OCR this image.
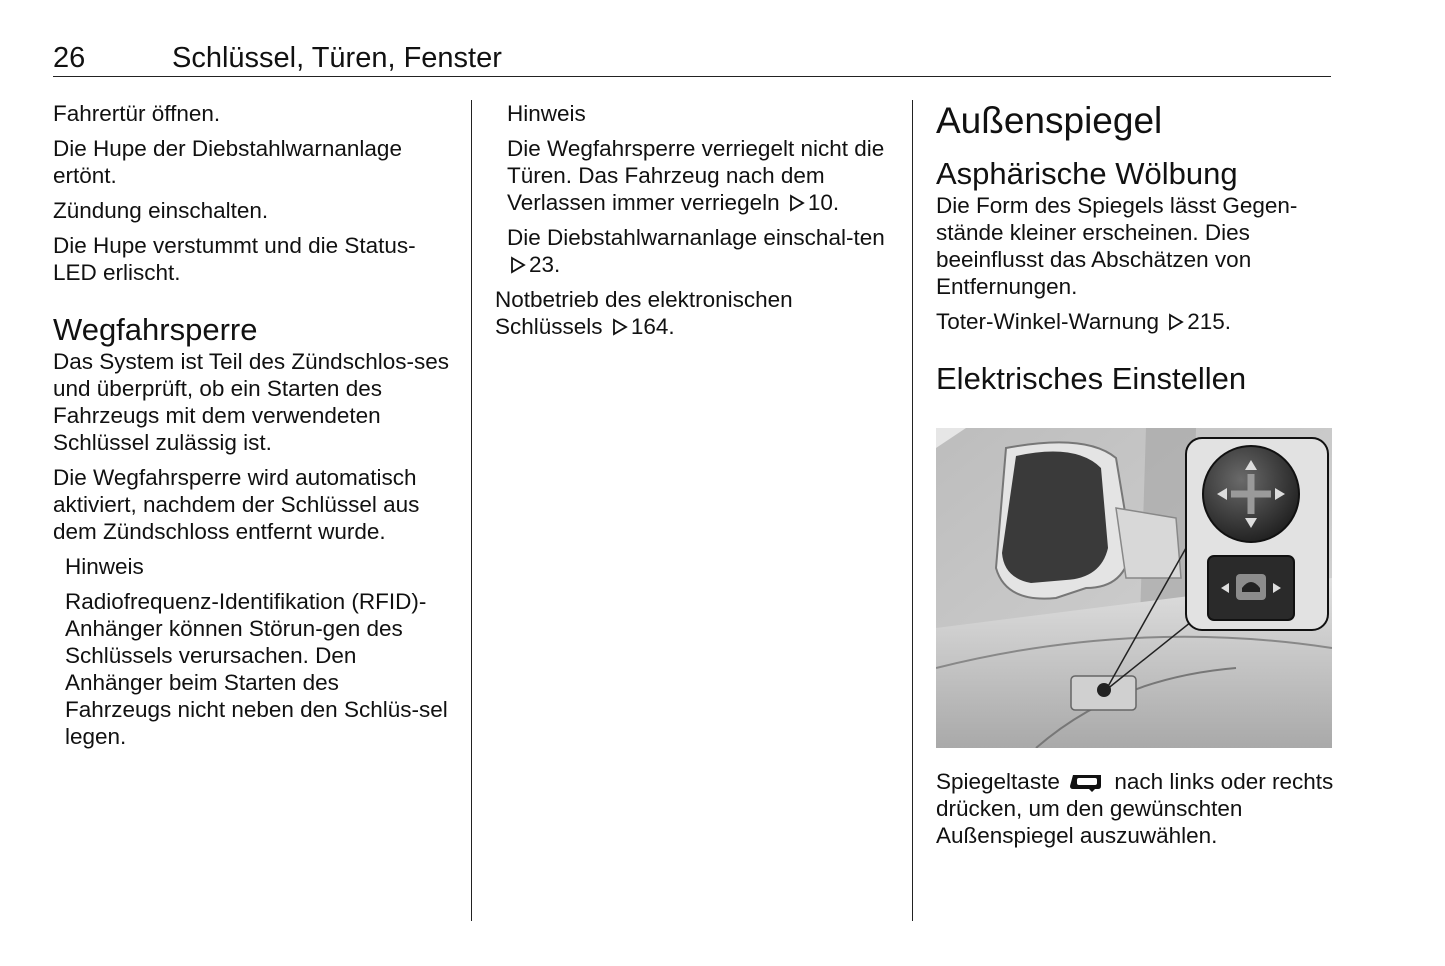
26	Schlüssel, Türen, Fenster

Fahrertür öffnen.

Die Hupe der Diebstahlwarnanlage ertönt.

Zündung einschalten.

Die Hupe verstummt und die Status-LED erlischt.

Wegfahrsperre

Das System ist Teil des Zündschlos-ses und überprüft, ob ein Starten des Fahrzeugs mit dem verwendeten Schlüssel zulässig ist.

Die Wegfahrsperre wird automatisch aktiviert, nachdem der Schlüssel aus dem Zündschloss entfernt wurde.

Hinweis

Radiofrequenz-Identifikation (RFID)-Anhänger können Störun-gen des Schlüssels verursachen. Den Anhänger beim Starten des Fahrzeugs nicht neben den Schlüs-sel legen.

Hinweis

Die Wegfahrsperre verriegelt nicht die Türen. Das Fahrzeug nach dem Verlassen immer verriegeln 10.

Die Diebstahlwarnanlage einschal-ten 23.

Notbetrieb des elektronischen Schlüssels 164.

Außenspiegel
Asphärische Wölbung

Die Form des Spiegels lässt Gegen-stände kleiner erscheinen. Dies beeinflusst das Abschätzen von Entfernungen.

Toter-Winkel-Warnung 215.

Elektrisches Einstellen

Spiegeltaste nach links oder rechts drücken, um den gewünschten Außenspiegel auszuwählen.
